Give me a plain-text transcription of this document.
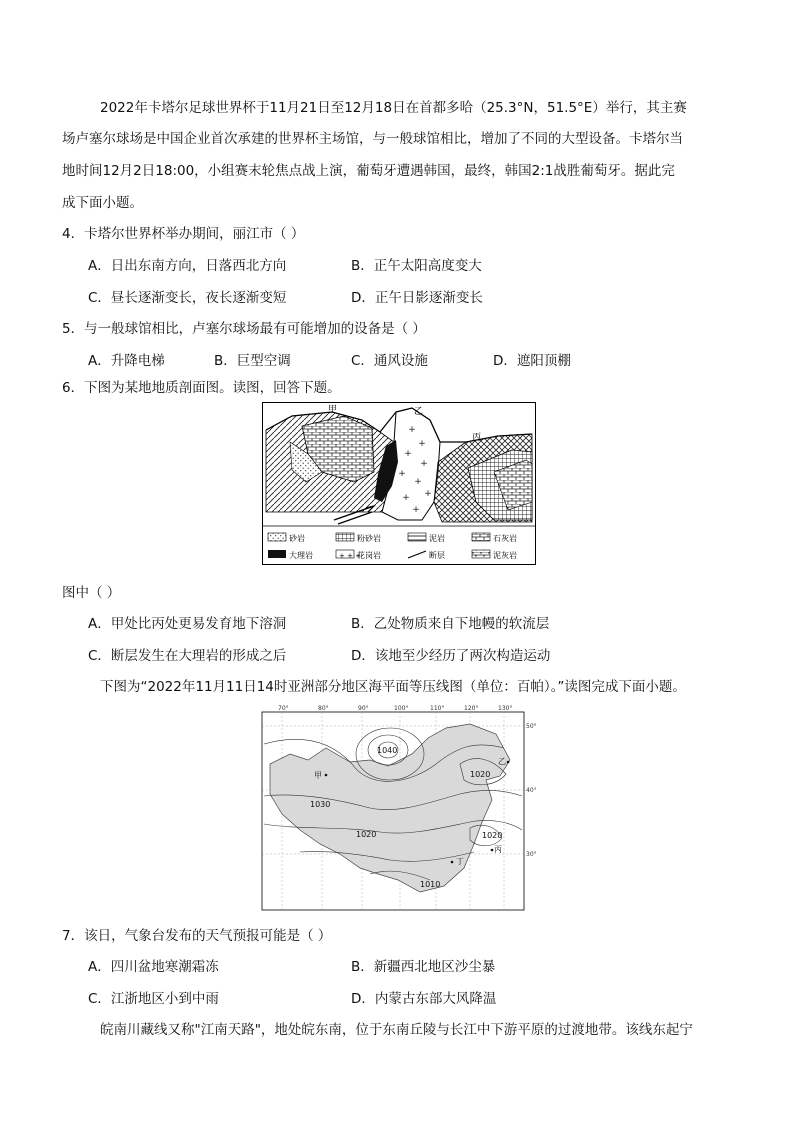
2022年卡塔尔足球世界杯于11月21日至12月18日在首都多哈（25.3°N，51.5°E）举行，其主赛
场卢塞尔球场是中国企业首次承建的世界杯主场馆，与一般球馆相比，增加了不同的大型设备。卡塔尔当
地时间12月2日18:00，小组赛末轮焦点战上演，葡萄牙遭遇韩国，最终，韩国2:1战胜葡萄牙。据此完
成下面小题。
4．卡塔尔世界杯举办期间，丽江市（ ）
A．日出东南方向，日落西北方向	B．正午太阳高度变大
C．昼长逐渐变长，夜长逐渐变短	D．正午日影逐渐变长
5．与一般球馆相比，卢塞尔球场最有可能增加的设备是（ ）
A．升降电梯	B．巨型空调	C．通风设施	D．遮阳顶棚
6．下图为某地地质剖面图。读图，回答下题。
+
+
+
+
+
+
+
+
+
甲	乙
丙
砂岩	粉砂岩	泥岩	石灰岩
大理岩	+ + +
花岗岩	断层	泥灰岩
图中（ ）
A．甲处比丙处更易发育地下溶洞	B．乙处物质来自下地幔的软流层
C．断层发生在大理岩的形成之后	D．该地至少经历了两次构造运动
下图为“2022年11月11日14时亚洲部分地区海平面等压线图（单位：百帕）。”读图完成下面小题。
70°	80°	90°	100°	110°	120°	130°
50°
40°
30°
1040
1030
1020
1020
1020
1010
甲
乙
丙
丁
7．该日，气象台发布的天气预报可能是（ ）
A．四川盆地寒潮霜冻	B．新疆西北地区沙尘暴
C．江浙地区小到中雨	D．内蒙古东部大风降温
皖南川藏线又称"江南天路"，地处皖东南，位于东南丘陵与长江中下游平原的过渡地带。该线东起宁
